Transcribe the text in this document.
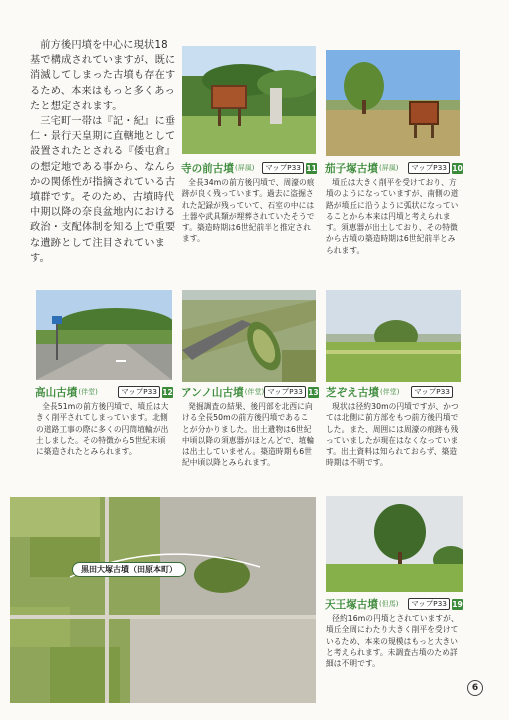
前方後円墳を中心に現状18基で構成されていますが、既に消滅してしまった古墳も存在するため、本来はもっと多くあったと想定されます。

三宅町一帯は『記・紀』に垂仁・景行天皇期に直轄地として設置されたとされる『倭屯倉』の想定地である事から、なんらかの関係性が指摘されている古墳群です。そのため、古墳時代中期以降の奈良盆地内における政治・支配体制を知る上で重要な遺跡として注目されています。

寺の前古墳 (屏風) マップP33 11

全長34mの前方後円墳で、周濠の痕跡が良く残っています。過去に盗掘された記録が残っていて、石室の中には土器や武具類が埋葬されていたそうです。築造時期は6世紀前半と推定されます。

茄子塚古墳 (屏風) マップP33 10

墳丘は大きく削平を受けており、方墳のようになっていますが、南側の道路が墳丘に沿うように弧状になっていることから本来は円墳と考えられます。須恵器が出土しており、その特徴から古墳の築造時期は6世紀前半とみられます。

高山古墳 (伴堂)	マップP33 12

全長51mの前方後円墳で、墳丘は大きく削平されてしまっています。北側の道路工事の際に多くの円筒埴輪が出土しました。その特徴から5世紀末頃に築造されたとみられます。

アンノ山古墳 (伴堂) マップP33 13

発掘調査の結果、後円部を北西に向ける全長50mの前方後円墳であることが分かりました。出土遺物は6世紀中頃以降の須恵器がほとんどで、埴輪は出土していません。築造時期も6世紀中頃以降とみられます。

芝ぞえ古墳 (伴堂) マップP33

現状は径約30mの円墳ですが、かつては北側に前方部をもつ前方後円墳でした。また、周囲には周濠の痕跡も残っていましたが現在はなくなっています。出土資料は知られておらず、築造時期は不明です。

黒田大塚古墳（田原本町）
天王塚古墳 (但馬) マップP33 19

径約16mの円墳とされていますが、墳丘全周にわたり大きく削平を受けているため、本来の規模はもっと大きいと考えられます。未調査古墳のため詳細は不明です。

6
